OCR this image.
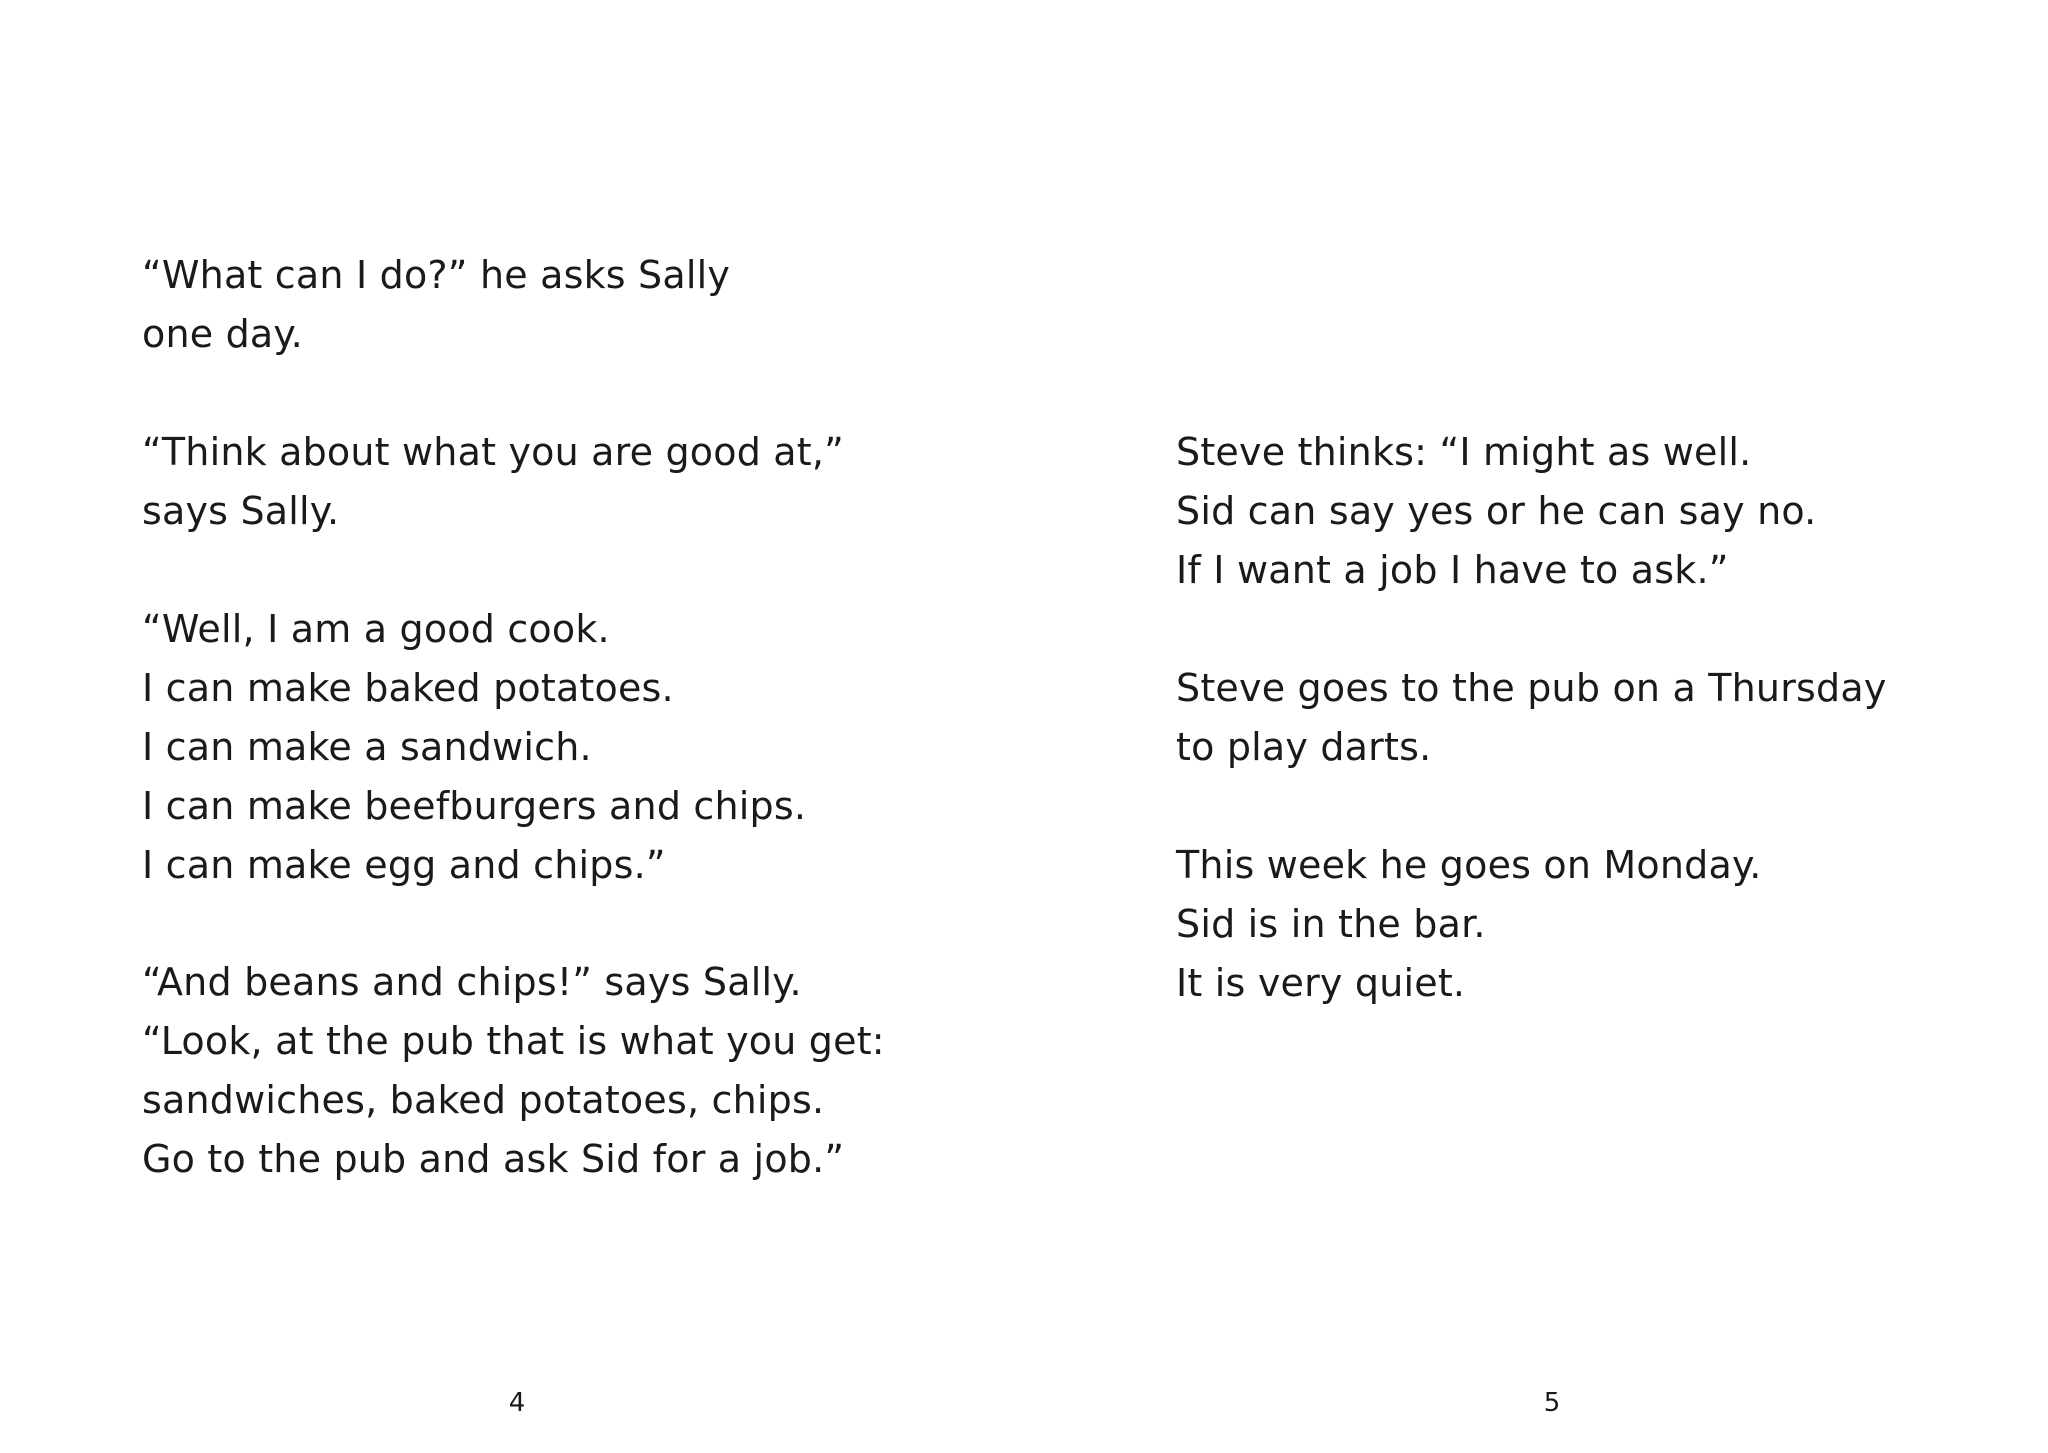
“What can I do?” he asks Sally
one day.
“Think about what you are good at,”
says Sally.
“Well, I am a good cook.
I can make baked potatoes.
I can make a sandwich.
I can make beefburgers and chips.
I can make egg and chips.”
“And beans and chips!” says Sally.
“Look, at the pub that is what you get:
sandwiches, baked potatoes, chips.
Go to the pub and ask Sid for a job.”
4
Steve thinks: “I might as well.
Sid can say yes or he can say no.
If I want a job I have to ask.”
Steve goes to the pub on a Thursday
to play darts.
This week he goes on Monday.
Sid is in the bar.
It is very quiet.
5
